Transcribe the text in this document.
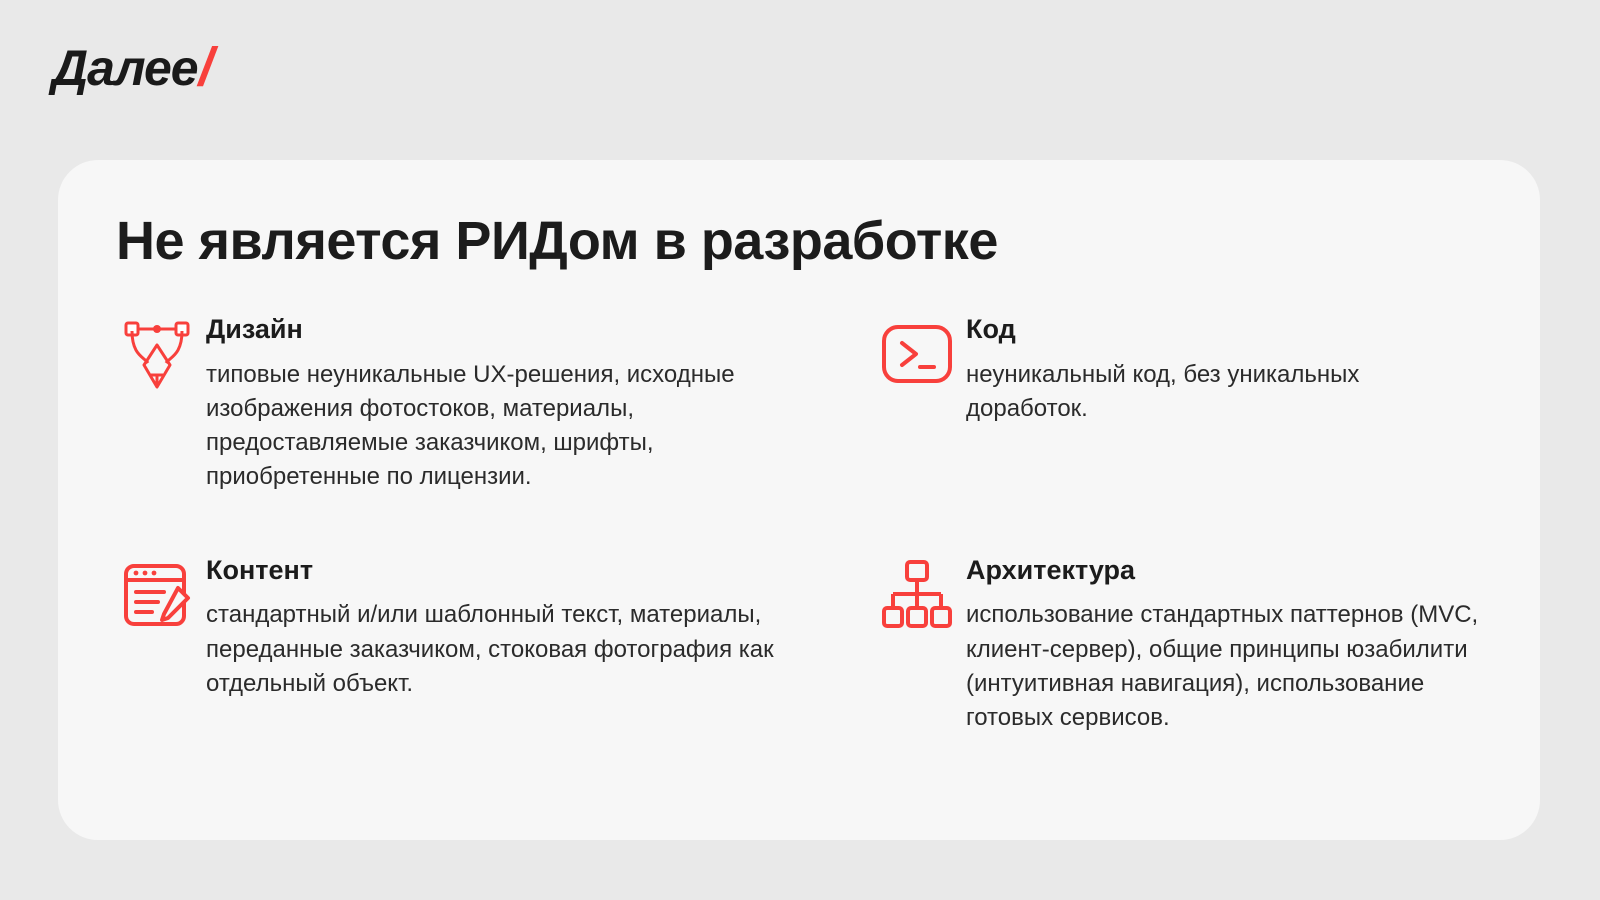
Далее /
Не является РИДом в разработке
Дизайн

типовые неуникальные UX-решения, исходные изображения фотостоков, материалы, предоставляемые заказчиком, шрифты, приобретенные по лицензии.

Код

неуникальный код, без уникальных доработок.

Контент

стандартный и/или шаблонный текст, материалы, переданные заказчиком, стоковая фотография как отдельный объект.

Архитектура

использование стандартных паттернов (MVC, клиент-сервер), общие принципы юзабилити (интуитивная навигация), использование готовых сервисов.
